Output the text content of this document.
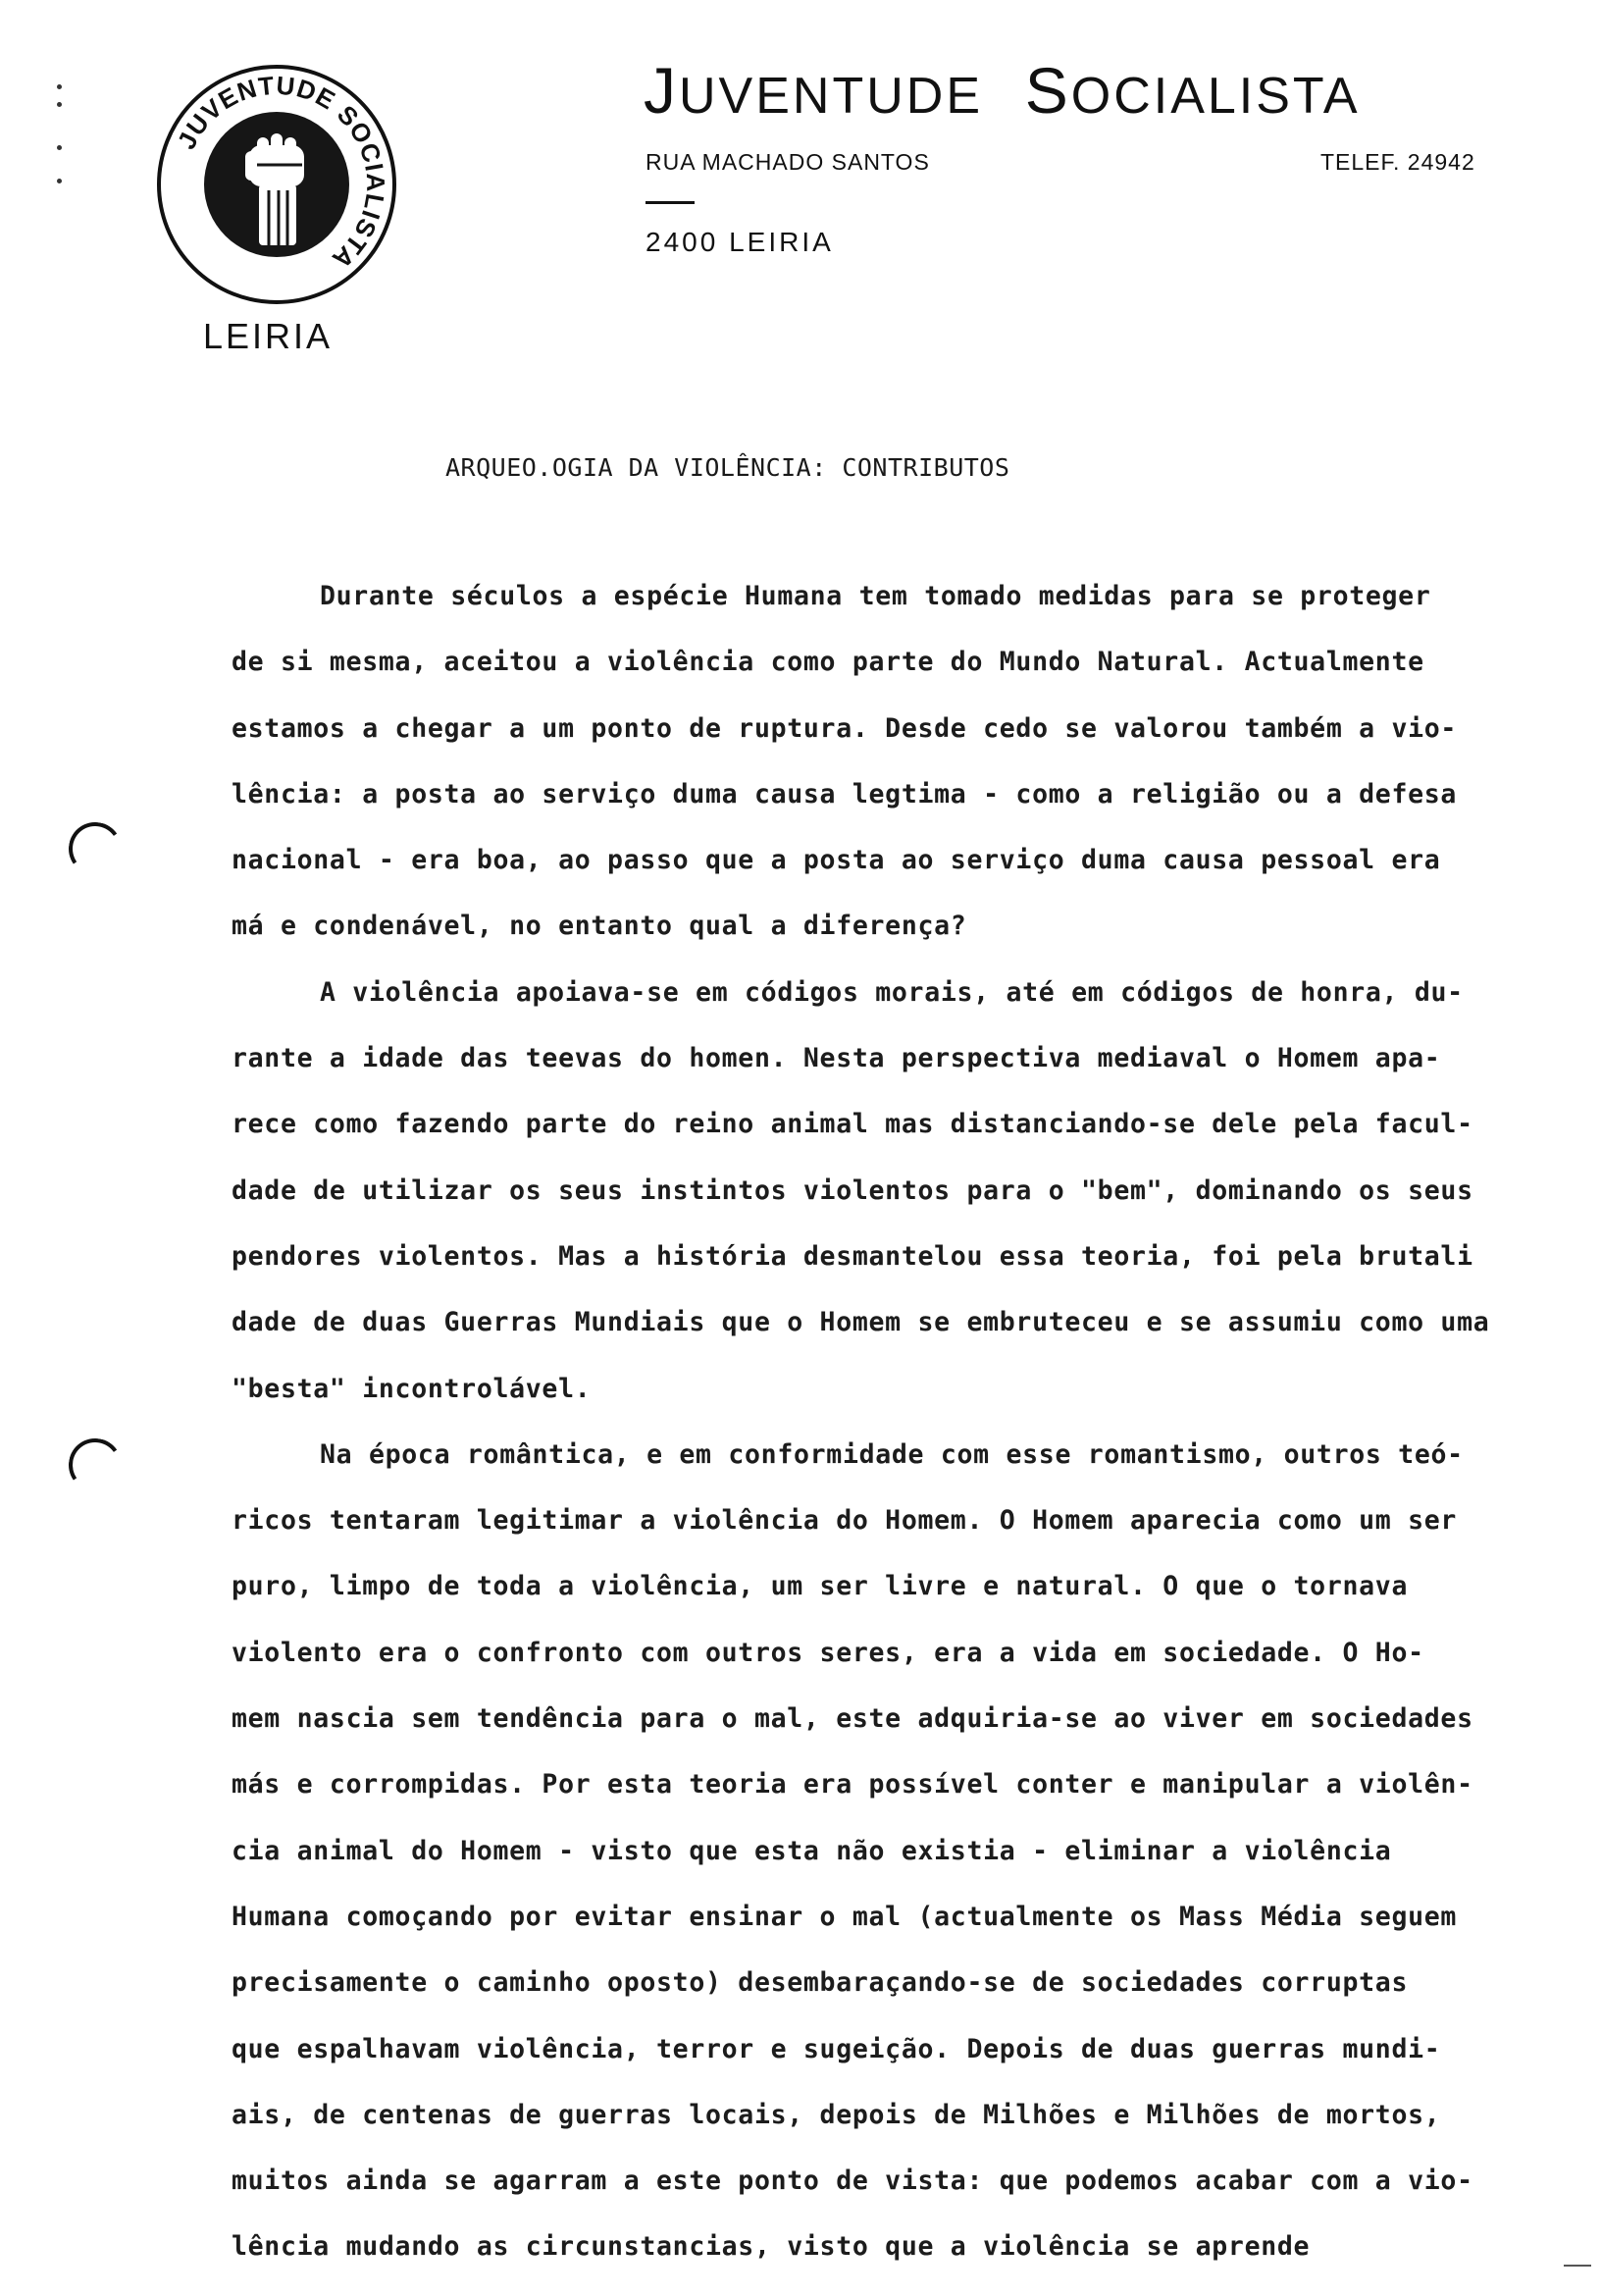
JUVENTUDE SOCIALISTA
LEIRIA
JUVENTUDE SOCIALISTA
RUA MACHADO SANTOS	TELEF. 24942
2400 LEIRIA
ARQUEO.OGIA DA VIOLÊNCIA: CONTRIBUTOS
Durante séculos a espécie Humana tem tomado medidas para se proteger
de si mesma, aceitou a violência como parte do Mundo Natural. Actualmente
estamos a chegar a um ponto de ruptura. Desde cedo se valorou também a vio-
lência: a posta ao serviço duma causa legtima - como a religião ou a defesa
nacional - era boa, ao passo que a posta ao serviço duma causa pessoal era
má e condenável, no entanto qual a diferença?
A violência apoiava-se em códigos morais, até em códigos de honra, du-
rante a idade das teevas do homen. Nesta perspectiva mediaval o Homem apa-
rece como fazendo parte do reino animal mas distanciando-se dele pela facul-
dade de utilizar os seus instintos violentos para o "bem", dominando os seus
pendores violentos. Mas a história desmantelou essa teoria, foi pela brutali
dade de duas Guerras Mundiais que o Homem se embruteceu e se assumiu como uma
"besta" incontrolável.
Na época romântica, e em conformidade com esse romantismo, outros teó-
ricos tentaram legitimar a violência do Homem. O Homem aparecia como um ser
puro, limpo de toda a violência, um ser livre e natural. O que o tornava
violento era o confronto com outros seres, era a vida em sociedade. O Ho-
mem nascia sem tendência para o mal, este adquiria-se ao viver em sociedades
más e corrompidas. Por esta teoria era possível conter e manipular a violên-
cia animal do Homem - visto que esta não existia - eliminar a violência
Humana comoçando por evitar ensinar o mal (actualmente os Mass Média seguem
precisamente o caminho oposto) desembaraçando-se de sociedades corruptas
que espalhavam violência, terror e sugeição. Depois de duas guerras mundi-
ais, de centenas de guerras locais, depois de Milhões e Milhões de mortos,
muitos ainda se agarram a este ponto de vista: que podemos acabar com a vio-
lência mudando as circunstancias, visto que a violência se aprende
